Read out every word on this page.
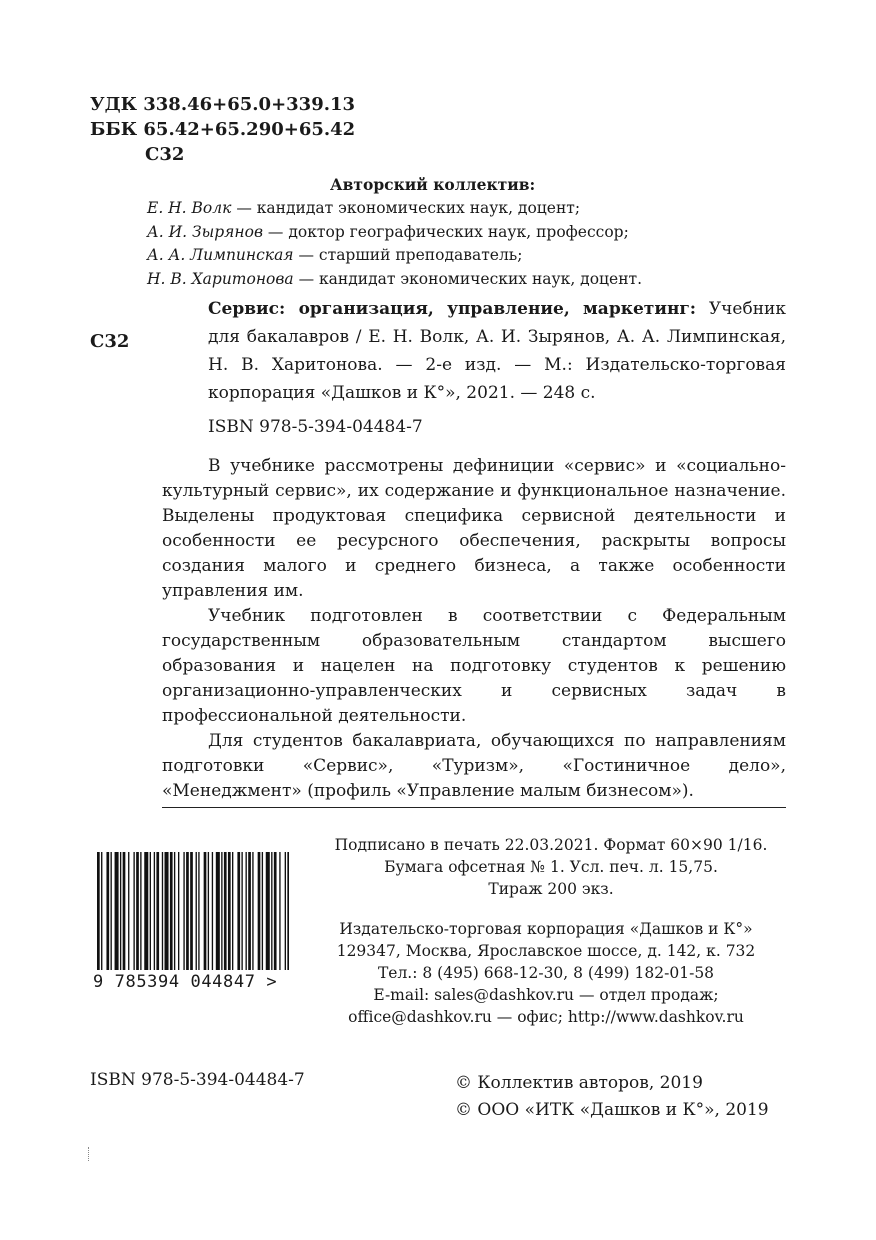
УДК 338.46+65.0+339.13
ББК 65.42+65.290+65.42
С32
Авторский коллектив:
Е. Н. Волк — кандидат экономических наук, доцент;
А. И. Зырянов — доктор географических наук, профессор;
А. А. Лимпинская — старший преподаватель;
Н. В. Харитонова — кандидат экономических наук, доцент.
С32
Сервис: организация, управление, маркетинг: Учебник для бакалавров / Е. Н. Волк, А. И. Зырянов, А. А. Лимпинская, Н. В. Харитонова. — 2-е изд. — М.: Издательско-торговая корпорация «Дашков и К°», 2021. — 248 с.
ISBN 978-5-394-04484-7

В учебнике рассмотрены дефиниции «сервис» и «социально-культурный сервис», их содержание и функциональное назначение. Выделены продуктовая специфика сервисной деятельности и особенности ее ресурсного обеспечения, раскрыты вопросы создания малого и среднего бизнеса, а также особенности управления им.

Учебник подготовлен в соответствии с Федеральным государственным образовательным стандартом высшего образования и нацелен на подготовку студентов к решению организационно-управленческих и сервисных задач в профессиональной деятельности.

Для студентов бакалавриата, обучающихся по направлениям подготовки «Сервис», «Туризм», «Гостиничное дело», «Менеджмент» (профиль «Управление малым бизнесом»).

9 785394 044847 >
Подписано в печать 22.03.2021. Формат 60×90 1/16.
Бумага офсетная № 1. Усл. печ. л. 15,75.
Тираж 200 экз.
Издательско-торговая корпорация «Дашков и К°»
129347, Москва, Ярославское шоссе, д. 142, к. 732
Тел.: 8 (495) 668-12-30, 8 (499) 182-01-58
E-mail: sales@dashkov.ru — отдел продаж;
office@dashkov.ru — офис; http://www.dashkov.ru
ISBN 978-5-394-04484-7	© Коллектив авторов, 2019
© ООО «ИТК «Дашков и К°», 2019
